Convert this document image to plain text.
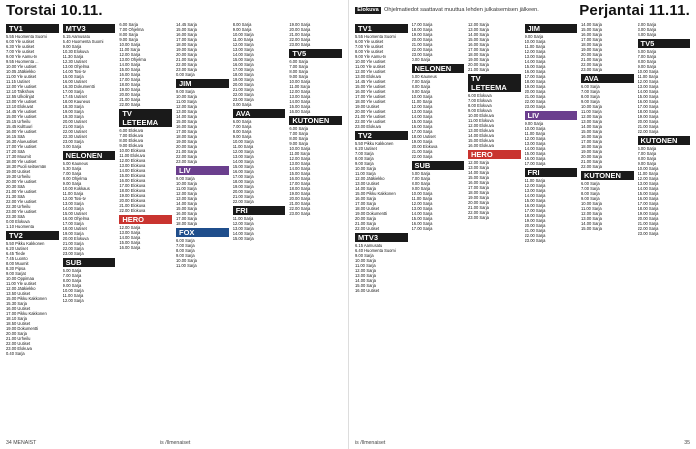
Torstai 10.11.
TV1
5.55 Huomenta Suomi
6.00 Yle uutiset
6.30 Yle uutiset
7.00 Yle uutiset
9.00 Yle Aamu-tv
9.55 Huomenta ...
10.00 Yle uutiset
10.05 Jääkiekko
11.00 Yle uutiset
11.15 Uutiset
12.00 Yle uutiset
12.10 Talkshow
12.55 Ulkolinjat
13.00 Yle uutiset
13.10 Elokuvat
14.45 Yle uutiset
15.00 Yle uutiset
15.15 Urheilu
15.45 Kulttuuri
16.00 Yle uutiset
16.15 Sää
16.30 Alueuutiset
17.00 Yle uutiset
17.20 Sää
17.30 Muumit
18.00 Yle uutiset
18.30 Puoli seitsemän
19.00 Uutiset
19.30 Urheilu
20.00 Yle uutiset
20.30 Sää
21.00 Yle uutiset
21.30 Sää
22.00 Yle uutiset
22.30 Urheilu
23.00 Yle uutiset
23.30 Sää
0.00 Elokuva
1.10 Huomenta
TV2
5.50 Pikku Kakkonen
6.20 Uutiset
6.45 Tiede
7.45 Luonto
8.00 Muumit
8.30 Pipsa
9.00 Sarjat
10.00 Oppimaa
11.00 Yle uutiset
12.00 Jääkiekko
13.50 Uutiset
15.00 Pikku Kakkonen
15.30 Sarja
16.00 Uutiset
17.00 Pikku Kakkonen
18.10 Sarja
18.50 Uutiset
19.00 Dokumentti
20.00 Sarja
21.00 Urheilu
22.00 Uutiset
23.00 Elokuva
0.40 Sarja
MTV3
6.15 Aamusatu
6.40 Huomenta Suomi
9.00 Sarja
10.30 Elokuva
11.30 Sarja
12.30 Uutiset
13.00 Ohjelma
14.00 Tosi-tv
15.00 Sarja
16.00 Uutiset
16.30 Dokumentti
17.00 Sarja
17.45 Uutiset
18.00 Kauneus
18.30 Sarja
19.00 Sarja
19.30 Sarja
20.00 Uutiset
21.00 Sarja
22.00 Uutiset
22.30 Uutiset
23.00 Sarja
0.00 Sarja
NELONEN
6.00 Kauneus
6.30 Sarja
7.00 Sarja
8.00 Ohjelma
9.00 Sarja
10.00 Kokkaus
11.00 Sarja
12.00 Tosi-tv
13.00 Sarja
14.00 Sarja
15.00 Uutiset
16.00 Ohjelma
17.00 Sarja
18.00 Uutiset
19.00 Sarja
20.00 Elokuva
21.00 Sarja
22.00 Sarja
23.00 Sarja
SUB
6.00 Sarja
7.00 Sarja
8.00 Sarja
9.00 Sarja
10.00 Sarja
11.00 Sarja
12.00 Sarja
6.00 Sarja
7.00 Ohjelma
8.00 Sarja
9.00 Sarja
10.00 Sarja
11.00 Sarja
12.00 Sarja
13.00 Ohjelma
14.00 Sarja
15.00 Sarja
16.00 Sarja
17.00 Sarja
18.00 Sarja
19.00 Sarja
20.00 Sarja
21.00 Sarja
22.00 Sarja
TV LETEEMA
6.00 Elokuva
7.00 Elokuva
8.00 Elokuva
9.00 Elokuva
10.00 Elokuva
11.00 Elokuva
12.00 Elokuva
13.00 Elokuva
14.00 Elokuva
15.00 Elokuva
16.00 Elokuva
17.00 Elokuva
18.00 Elokuva
19.00 Elokuva
20.00 Elokuva
21.00 Elokuva
22.00 Elokuva
HERO
12.00 Sarja
13.00 Sarja
14.00 Sarja
15.00 Sarja
16.00 Sarja
14.45 Sarja
15.00 Sarja
16.00 Sarja
17.00 Sarja
18.00 Sarja
19.00 Sarja
20.00 Sarja
21.00 Sarja
22.00 Sarja
23.00 Sarja
0.00 Sarja
JIM
9.00 Sarja
10.00 Sarja
11.00 Sarja
12.00 Sarja
13.00 Sarja
14.00 Sarja
15.00 Sarja
16.00 Sarja
17.00 Sarja
18.00 Sarja
19.00 Sarja
20.00 Sarja
21.00 Sarja
22.00 Sarja
23.00 Sarja
LIV
9.00 Sarja
10.00 Sarja
11.00 Sarja
12.00 Sarja
13.00 Sarja
14.00 Sarja
15.00 Sarja
16.00 Sarja
17.00 Sarja
18.00 Sarja
FOX
6.00 Sarja
7.00 Sarja
8.00 Sarja
9.00 Sarja
10.00 Sarja
11.00 Sarja
8.00 Sarja
9.00 Sarja
10.00 Sarja
11.00 Sarja
12.00 Sarja
13.00 Sarja
14.00 Sarja
15.00 Sarja
16.00 Sarja
17.00 Sarja
18.00 Sarja
19.00 Sarja
20.00 Sarja
21.00 Sarja
22.00 Sarja
23.00 Sarja
0.00 Sarja
AVA
6.00 Sarja
7.00 Sarja
8.00 Sarja
9.00 Sarja
10.00 Sarja
11.00 Sarja
12.00 Sarja
13.00 Sarja
14.00 Sarja
15.00 Sarja
16.00 Sarja
17.00 Sarja
18.00 Sarja
19.00 Sarja
20.00 Sarja
21.00 Sarja
22.00 Sarja
FRI
11.00 Sarja
12.00 Sarja
13.00 Sarja
14.00 Sarja
15.00 Sarja
19.00 Sarja
20.00 Sarja
21.00 Sarja
22.00 Sarja
23.00 Sarja
TV5
6.00 Sarja
7.00 Sarja
8.00 Sarja
9.00 Sarja
10.00 Sarja
11.00 Sarja
12.00 Sarja
13.00 Sarja
14.00 Sarja
15.00 Sarja
16.00 Sarja
KUTONEN
6.00 Sarja
7.00 Sarja
8.00 Sarja
9.00 Sarja
10.00 Sarja
11.00 Sarja
12.00 Sarja
13.00 Sarja
14.00 Sarja
15.00 Sarja
16.00 Sarja
17.00 Sarja
18.00 Sarja
19.00 Sarja
20.00 Sarja
21.00 Sarja
22.00 Sarja
23.00 Sarja
34 MENAIST	is /Ilmenaiset
Elokuva Ohjelmatiedot saattavat muuttua lehden julkaisemisen jälkeen.	Perjantai 11.11.
TV1
5.55 Huomenta Suomi
6.00 Yle uutiset
7.00 Yle uutiset
8.00 Yle uutiset
9.00 Yle Aamu-tv
10.00 Yle uutiset
11.00 Yle uutiset
12.00 Yle uutiset
13.00 Elokuva
14.45 Yle uutiset
15.00 Yle uutiset
16.00 Yle uutiset
17.00 Yle uutiset
18.00 Yle uutiset
19.00 Uutiset
20.00 Yle uutiset
21.00 Yle uutiset
22.00 Yle uutiset
23.00 Elokuva
TV2
5.50 Pikku Kakkonen
6.20 Uutiset
7.00 Sarja
8.00 Sarja
9.00 Sarja
10.00 Sarja
11.00 Sarja
12.00 Jääkiekko
13.00 Uutiset
14.00 Sarja
15.00 Pikku Kakkonen
16.00 Sarja
17.00 Sarja
18.00 Uutiset
19.00 Dokumentti
20.00 Sarja
21.00 Sarja
22.00 Uutiset
MTV3
6.15 Aamusatu
6.40 Huomenta Suomi
9.00 Sarja
10.00 Sarja
11.00 Sarja
12.00 Sarja
13.00 Sarja
14.00 Sarja
15.00 Sarja
16.00 Uutiset
17.00 Sarja
18.00 Sarja
19.00 Sarja
20.00 Sarja
21.00 Sarja
22.00 Sarja
23.00 Sarja
0.00 Sarja
NELONEN
6.00 Kauneus
7.00 Sarja
8.00 Sarja
9.00 Sarja
10.00 Sarja
11.00 Sarja
12.00 Sarja
13.00 Sarja
14.00 Sarja
15.00 Sarja
16.00 Sarja
17.00 Sarja
18.00 Uutiset
19.00 Sarja
20.00 Elokuva
21.00 Sarja
22.00 Sarja
SUB
6.00 Sarja
7.00 Sarja
8.00 Sarja
9.00 Sarja
10.00 Sarja
11.00 Sarja
12.00 Sarja
13.00 Sarja
14.00 Sarja
15.00 Sarja
16.00 Sarja
17.00 Sarja
12.00 Sarja
13.00 Sarja
14.00 Sarja
15.00 Sarja
16.00 Sarja
17.00 Sarja
18.00 Sarja
19.00 Sarja
20.00 Sarja
21.00 Sarja
TV LETEEMA
6.00 Elokuva
7.00 Elokuva
8.00 Elokuva
9.00 Elokuva
10.00 Elokuva
11.00 Elokuva
12.00 Elokuva
13.00 Elokuva
14.00 Elokuva
15.00 Elokuva
16.00 Elokuva
HERO
12.00 Sarja
13.00 Sarja
14.00 Sarja
15.00 Sarja
16.00 Sarja
17.00 Sarja
18.00 Sarja
19.00 Sarja
20.00 Sarja
21.00 Sarja
22.00 Sarja
23.00 Sarja
JIM
9.00 Sarja
10.00 Sarja
11.00 Sarja
12.00 Sarja
13.00 Sarja
14.00 Sarja
15.00 Sarja
16.00 Sarja
17.00 Sarja
18.00 Sarja
19.00 Sarja
20.00 Sarja
21.00 Sarja
22.00 Sarja
23.00 Sarja
LIV
9.00 Sarja
10.00 Sarja
11.00 Sarja
12.00 Sarja
13.00 Sarja
14.00 Sarja
15.00 Sarja
16.00 Sarja
17.00 Sarja
FRI
11.00 Sarja
12.00 Sarja
13.00 Sarja
14.00 Sarja
15.00 Sarja
16.00 Sarja
17.00 Sarja
18.00 Sarja
19.00 Sarja
20.00 Sarja
21.00 Sarja
22.00 Sarja
23.00 Sarja
14.00 Sarja
15.00 Sarja
16.00 Sarja
17.00 Sarja
18.00 Sarja
19.00 Sarja
20.00 Sarja
21.00 Sarja
22.00 Sarja
23.00 Sarja
AVA
6.00 Sarja
7.00 Sarja
8.00 Sarja
9.00 Sarja
10.00 Sarja
11.00 Sarja
12.00 Sarja
13.00 Sarja
14.00 Sarja
15.00 Sarja
16.00 Sarja
17.00 Sarja
18.00 Sarja
19.00 Sarja
20.00 Sarja
21.00 Sarja
22.00 Sarja
KUTONEN
6.00 Sarja
7.00 Sarja
8.00 Sarja
9.00 Sarja
10.00 Sarja
11.00 Sarja
12.00 Sarja
13.00 Sarja
14.00 Sarja
15.00 Sarja
2.00 Sarja
3.00 Sarja
4.00 Sarja
TV5
6.00 Sarja
7.00 Sarja
8.00 Sarja
9.00 Sarja
10.00 Sarja
11.00 Sarja
12.00 Sarja
13.00 Sarja
14.00 Sarja
15.00 Sarja
16.00 Sarja
17.00 Sarja
18.00 Sarja
19.00 Sarja
20.00 Sarja
21.00 Sarja
22.00 Sarja
KUTONEN
6.00 Sarja
7.00 Sarja
8.00 Sarja
9.00 Sarja
10.00 Sarja
11.00 Sarja
12.00 Sarja
13.00 Sarja
14.00 Sarja
15.00 Sarja
16.00 Sarja
17.00 Sarja
18.00 Sarja
19.00 Sarja
20.00 Sarja
21.00 Sarja
22.00 Sarja
23.00 Sarja
is /Ilmenaiset	35
